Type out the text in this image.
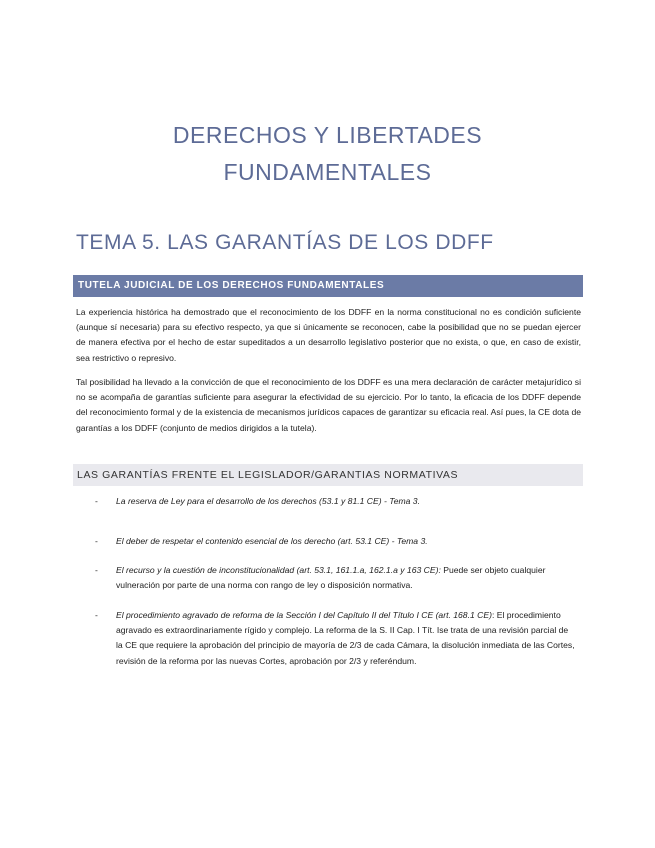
DERECHOS Y LIBERTADES
FUNDAMENTALES
TEMA 5. LAS GARANTÍAS DE LOS DDFF
TUTELA JUDICIAL DE LOS DERECHOS FUNDAMENTALES

La experiencia histórica ha demostrado que el reconocimiento de los DDFF en la norma constitucional no es condición suficiente (aunque sí necesaria) para su efectivo respecto, ya que si únicamente se reconocen, cabe la posibilidad que no se puedan ejercer de manera efectiva por el hecho de estar supeditados a un desarrollo legislativo posterior que no exista, o que, en caso de existir, sea restrictivo o represivo.

Tal posibilidad ha llevado a la convicción de que el reconocimiento de los DDFF es una mera declaración de carácter metajurídico si no se acompaña de garantías suficiente para asegurar la efectividad de su ejercicio. Por lo tanto, la eficacia de los DDFF depende del reconocimiento formal y de la existencia de mecanismos jurídicos capaces de garantizar su eficacia real. Así pues, la CE dota de garantías a los DDFF (conjunto de medios dirigidos a la tutela).

LAS GARANTÍAS FRENTE EL LEGISLADOR/GARANTIAS NORMATIVAS
- La reserva de Ley para el desarrollo de los derechos (53.1 y 81.1 CE) - Tema 3.
- El deber de respetar el contenido esencial de los derecho (art. 53.1 CE) - Tema 3.
- El recurso y la cuestión de inconstitucionalidad (art. 53.1, 161.1.a, 162.1.a y 163 CE): Puede ser objeto cualquier vulneración por parte de una norma con rango de ley o disposición normativa.
- El procedimiento agravado de reforma de la Sección I del Capítulo II del Título I CE (art. 168.1 CE): El procedimiento agravado es extraordinariamente rígido y complejo. La reforma de la S. II Cap. I Tít. Ise trata de una revisión parcial de la CE que requiere la aprobación del principio de mayoría de 2/3 de cada Cámara, la disolución inmediata de las Cortes, revisión de la reforma por las nuevas Cortes, aprobación por 2/3 y referéndum.
